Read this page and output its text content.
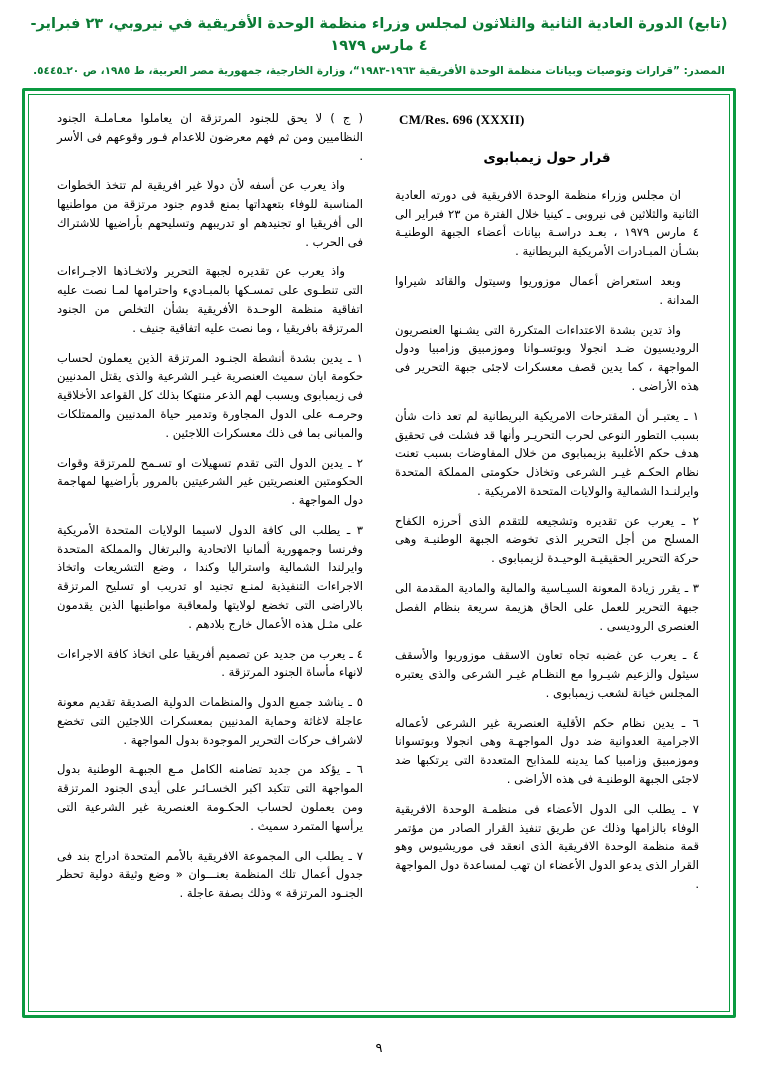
(تابع) الدورة العادية الثانية والثلاثون لمجلس وزراء منظمة الوحدة الأفريقية في نيروبي، ٢٣ فبراير- ٤ مارس ١٩٧٩
المصدر: ”قرارات وتوصيات وبيانات منظمة الوحدة الأفريقية ١٩٦٣-١٩٨٣“، وزارة الخارجية، جمهورية مصر العربية، ط ١٩٨٥، ص ٢٠ـ٥٤٤٥.
CM/Res. 696 (XXXII)
قرار حول زيمبابوى

ان مجلس وزراء منظمة الوحدة الافريقية فى دورته العادية الثانية والثلاثين فى نيروبى ـ كينيا خلال الفترة من ٢٣ فبراير الى ٤ مارس ١٩٧٩ ، بعـد دراسـة بيانات أعضاء الجبهة الوطنيـة بشـأن المبـادرات الأمريكية البريطانية .

وبعد استعراض أعمال موزوريوا وسيتول والقائد شيراوا المدانة .

واذ تدين بشدة الاعتداءات المتكررة التى يشـنها العنصريون الروديسيون ضـد انجولا وبوتسـوانا وموزمبيق وزامبيا ودول المواجهة ، كما يدين قصف معسكرات لاجئى جبهة التحرير فى هذه الأراضى .

١ ـ يعتبـر أن المقترحات الامريكية البريطانية لم تعد ذات شأن بسبب التطور النوعى لحرب التحريـر وأنها قد فشلت فى تحقيق هدف حكم الأغلبية بزيمبابوى من خلال المفاوضات بسبب تعنت نظام الحكـم غيـر الشرعى وتخاذل حكومتى المملكة المتحدة وايرلنـدا الشمالية والولايات المتحدة الامريكية .

٢ ـ يعرب عن تقديره وتشجيعه للتقدم الذى أحرزه الكفاح المسلح من أجل التحرير الذى تخوضه الجبهة الوطنيـة وهى حركة التحرير الحقيقيـة الوحيـدة لزيمبابوى .

٣ ـ يقرر زيادة المعونة السيـاسية والمالية والمادية المقدمة الى جبهة التحرير للعمل على الحاق هزيمة سريعة بنظام الفصل العنصرى الروديسى .

٤ ـ يعرب عن غضبه تجاه تعاون الاسقف موزوريوا والأسقف سيثول والزعيم شيـروا مع النظـام غيـر الشرعى والذى يعتبره المجلس خيانة لشعب زيمبابوى .

٦ ـ يدين نظام حكم الأقلية العنصرية غير الشرعى لأعماله الاجرامية العدوانية ضد دول المواجهـة وهى انجولا وبوتسوانا وموزمبيق وزامبيا كما يدينه للمذابح المتعددة التى يرتكبها ضد لاجئى الجبهة الوطنيـة فى هذه الأراضى .

٧ ـ يطلب الى الدول الأعضاء فى منظمـة الوحدة الافريقية الوفاء بالزامها وذلك عن طريق تنفيذ القرار الصادر من مؤتمر قمة منظمة الوحدة الافريقية الذى انعقد فى موريشيوس وهو القرار الذى يدعو الدول الأعضاء ان تهب لمساعدة دول المواجهة .

( ج ) لا يحق للجنود المرتزقة ان يعاملوا معـاملـة الجنود النظاميين ومن ثم فهم معرضون للاعدام فـور وقوعهم فى الأسر .

واذ يعرب عن أسفه لأن دولا غير افريقية لم تتخذ الخطوات المناسبة للوفاء بتعهداتها بمنع قدوم جنود مرتزقة من مواطنيها الى أفريقيا او تجنيدهم او تدريبهم وتسليحهم بأراضيها للاشتراك فى الحرب .

واذ يعرب عن تقديره لجبهة التحرير ولاتخـاذها الاجـراءات التى تنطـوى على تمسـكها بالمبـاديء واحترامها لمـا نصت عليه اتفاقية منظمة الوحـدة الأفريقية بشأن التخلص من الجنود المرتزقة بافريقيا ، وما نصت عليه اتفاقية جنيف .

١ ـ يدين بشدة أنشطة الجنـود المرتزقة الذين يعملون لحساب حكومة ايان سميث العنصرية غيـر الشرعية والذى يقتل المدنيين فى زيمبابوى ويسبب لهم الذعر منتهكا بذلك كل القواعد الأخلاقية وحرمـه على الدول المجاورة وتدمير حياة المدنيين والممتلكات والمبانى بما فى ذلك معسكرات اللاجئين .

٢ ـ يدين الدول التى تقدم تسهيلات او تسـمح للمرتزقة وقوات الحكومتين العنصريتين غير الشرعيتين بالمرور بأراضيها لمهاجمة دول المواجهة .

٣ ـ يطلب الى كافة الدول لاسيما الولايات المتحدة الأمريكية وفرنسا وجمهورية ألمانيا الاتحادية والبرتغال والمملكة المتحدة وايرلندا الشمالية واستراليا وكندا ، وضع التشريعات واتخاذ الاجراءات التنفيذية لمنـع تجنيد او تدريب او تسليح المرتزقة بالاراضى التى تخضع لولايتها ولمعاقبة مواطنيها الذين يقدمون على مثـل هذه الأعمال خارج بلادهم .

٤ ـ يعرب من جديد عن تصميم أفريقيا على اتخاذ كافة الاجراءات لانهاء مأساة الجنود المرتزقة .

٥ ـ يناشد جميع الدول والمنظمات الدولية الصديقة تقديم معونة عاجلة لاغاثة وحماية المدنيين بمعسكرات اللاجئين التى تخضع لاشراف حركات التحرير الموجودة بدول المواجهة .

٦ ـ يؤكد من جديد تضامنه الكامل مـع الجبهـة الوطنية بدول المواجهة التى تتكبد اكبر الخسـائـر على أيدى الجنود المرتزقة ومن يعملون لحساب الحكـومة العنصرية غير الشرعية التى يرأسها المتمرد سميث .

٧ ـ يطلب الى المجموعة الافريقية بالأمم المتحدة ادراج بند فى جدول أعمال تلك المنظمة بعنـــوان « وضع وثيقة دولية تحظر الجنـود المرتزقة » وذلك بصفة عاجلة .

٩
